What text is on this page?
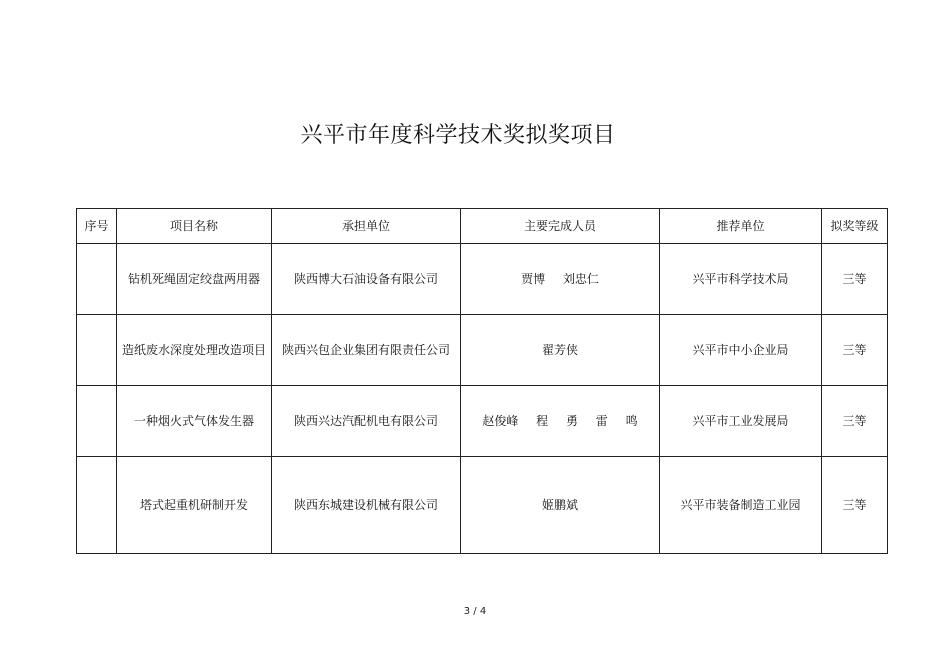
兴平市年度科学技术奖拟奖项目
序号	项目名称	承担单位	主要完成人员	推荐单位	拟奖等级
	钻机死绳固定绞盘两用器	陕西博大石油设备有限公司	贾博 刘忠仁	兴平市科学技术局	三等
	造纸废水深度处理改造项目	陕西兴包企业集团有限责任公司	翟芳侠	兴平市中小企业局	三等
	一种烟火式气体发生器	陕西兴达汽配机电有限公司	赵俊峰 程 勇 雷 鸣	兴平市工业发展局	三等
	塔式起重机研制开发	陕西东城建设机械有限公司	姬鹏斌	兴平市装备制造工业园	三等
3 / 4
